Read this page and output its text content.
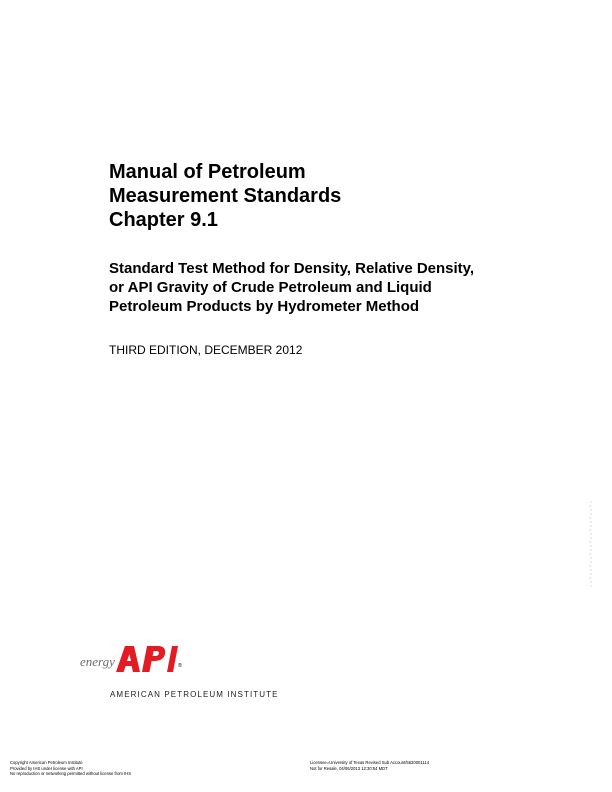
Manual of Petroleum
Measurement Standards
Chapter 9.1
Standard Test Method for Density, Relative Density,
or API Gravity of Crude Petroleum and Liquid
Petroleum Products by Hydrometer Method
THIRD EDITION, DECEMBER 2012
energy	®
AMERICAN PETROLEUM INSTITUTE
Copyright American Petroleum Institute
Provided by IHS under license with API
No reproduction or networking permitted without license from IHS
Licensee=University of Texas Revised Sub Account/5620001114
Not for Resale, 04/06/2013 12:30:54 MDT
